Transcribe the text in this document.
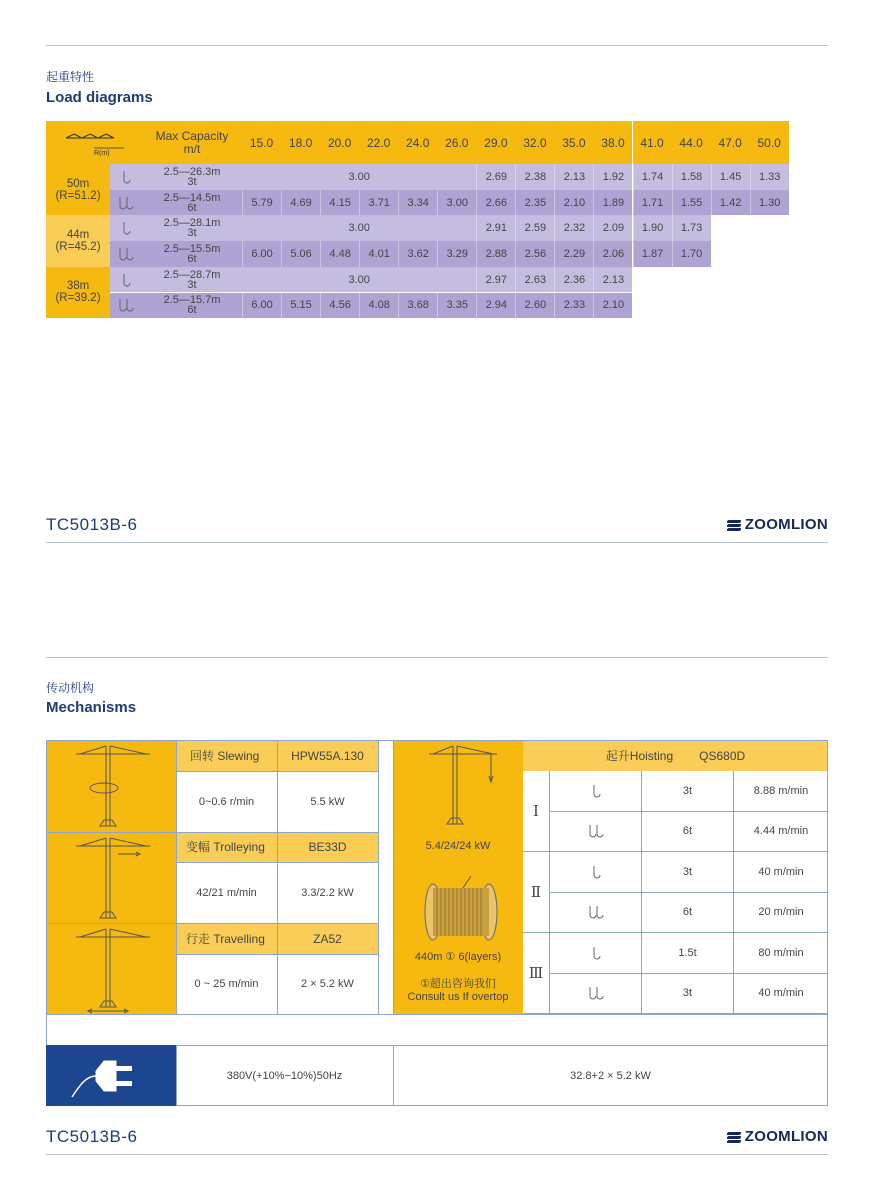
起重特性
Load diagrams
R(m)
Max Capacity
m/t	15.0	18.0	20.0	22.0	24.0	26.0	29.0	32.0	35.0	38.0	41.0	44.0	47.0	50.0
50m
(R=51.2)
2.5—26.3m
3t	3.00	2.69	2.38	2.13	1.92	1.74	1.58	1.45	1.33
2.5—14.5m
6t	5.79	4.69	4.15	3.71	3.34	3.00	2.66	2.35	2.10	1.89	1.71	1.55	1.42	1.30
44m
(R=45.2)
2.5—28.1m
3t	3.00	2.91	2.59	2.32	2.09	1.90	1.73
2.5—15.5m
6t	6.00	5.06	4.48	4.01	3.62	3.29	2.88	2.56	2.29	2.06	1.87	1.70
38m
(R=39.2)
2.5—28.7m
3t	3.00	2.97	2.63	2.36	2.13
2.5—15.7m
6t	6.00	5.15	4.56	4.08	3.68	3.35	2.94	2.60	2.33	2.10
TC5013B-6	ZOOMLION
传动机构
Mechanisms
回转 Slewing	HPW55A.130
0~0.6 r/min	5.5 kW
变幅 Trolleying	BE33D
42/21 m/min	3.3/2.2 kW
行走 Travelling	ZA52
0 ~ 25 m/min	2 × 5.2 kW
5.4/24/24 kW
440m ① 6(layers)
①超出咨询我们
Consult us If overtop
起升Hoisting QS680D
Ⅰ
3t	8.88 m/min
6t	4.44 m/min
Ⅱ
3t	40 m/min
6t	20 m/min
Ⅲ
1.5t	80 m/min
3t	40 m/min
380V(+10%−10%)50Hz	32.8+2 × 5.2 kW
TC5013B-6	ZOOMLION
